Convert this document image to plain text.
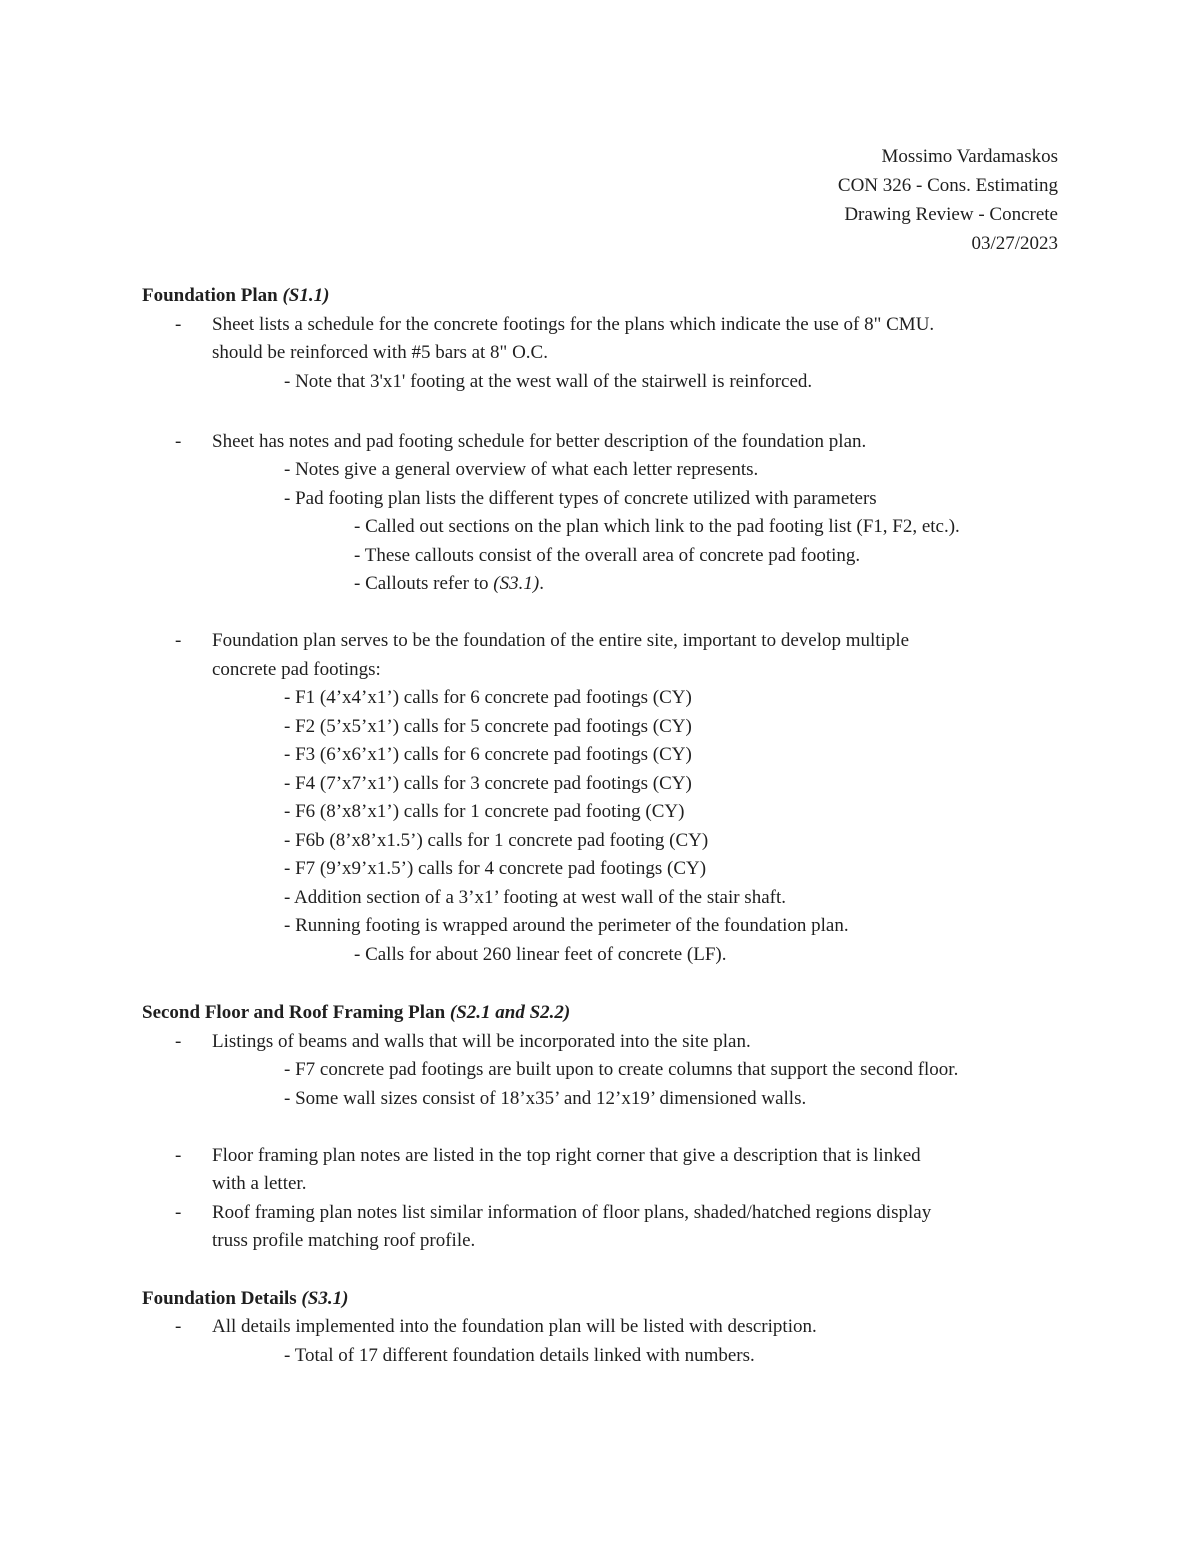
Mossimo Vardamaskos
CON 326 - Cons. Estimating
Drawing Review - Concrete
03/27/2023
Foundation Plan (S1.1)
- Sheet lists a schedule for the concrete footings for the plans which indicate the use of 8" CMU.
should be reinforced with #5 bars at 8" O.C.
- Note that 3'x1' footing at the west wall of the stairwell is reinforced.
- Sheet has notes and pad footing schedule for better description of the foundation plan.
- Notes give a general overview of what each letter represents.
- Pad footing plan lists the different types of concrete utilized with parameters
- Called out sections on the plan which link to the pad footing list (F1, F2, etc.).
- These callouts consist of the overall area of concrete pad footing.
- Callouts refer to (S3.1).
- Foundation plan serves to be the foundation of the entire site, important to develop multiple
concrete pad footings:
- F1 (4’x4’x1’) calls for 6 concrete pad footings (CY)
- F2 (5’x5’x1’) calls for 5 concrete pad footings (CY)
- F3 (6’x6’x1’) calls for 6 concrete pad footings (CY)
- F4 (7’x7’x1’) calls for 3 concrete pad footings (CY)
- F6 (8’x8’x1’) calls for 1 concrete pad footing (CY)
- F6b (8’x8’x1.5’) calls for 1 concrete pad footing (CY)
- F7 (9’x9’x1.5’) calls for 4 concrete pad footings (CY)
- Addition section of a 3’x1’ footing at west wall of the stair shaft.
- Running footing is wrapped around the perimeter of the foundation plan.
- Calls for about 260 linear feet of concrete (LF).
Second Floor and Roof Framing Plan (S2.1 and S2.2)
- Listings of beams and walls that will be incorporated into the site plan.
- F7 concrete pad footings are built upon to create columns that support the second floor.
- Some wall sizes consist of 18’x35’ and 12’x19’ dimensioned walls.
- Floor framing plan notes are listed in the top right corner that give a description that is linked
with a letter.
- Roof framing plan notes list similar information of floor plans, shaded/hatched regions display
truss profile matching roof profile.
Foundation Details (S3.1)
- All details implemented into the foundation plan will be listed with description.
- Total of 17 different foundation details linked with numbers.
